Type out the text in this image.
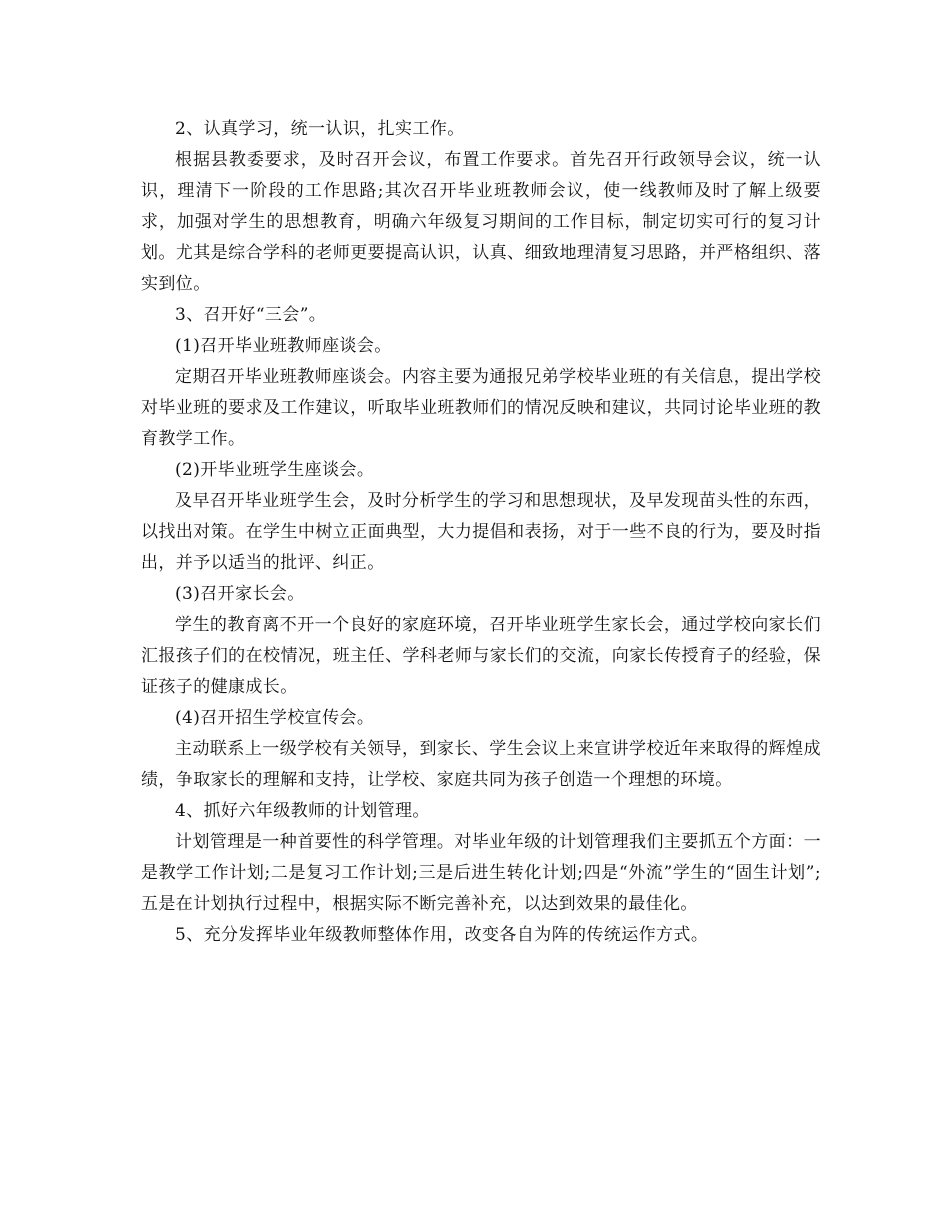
2、认真学习，统一认识，扎实工作。

根据县教委要求，及时召开会议，布置工作要求。首先召开行政领导会议，统一认识，理清下一阶段的工作思路;其次召开毕业班教师会议，使一线教师及时了解上级要求，加强对学生的思想教育，明确六年级复习期间的工作目标，制定切实可行的复习计划。尤其是综合学科的老师更要提高认识，认真、细致地理清复习思路，并严格组织、落实到位。

3、召开好“三会”。

(1)召开毕业班教师座谈会。

定期召开毕业班教师座谈会。内容主要为通报兄弟学校毕业班的有关信息，提出学校对毕业班的要求及工作建议，听取毕业班教师们的情况反映和建议，共同讨论毕业班的教育教学工作。

(2)开毕业班学生座谈会。

及早召开毕业班学生会，及时分析学生的学习和思想现状，及早发现苗头性的东西，以找出对策。在学生中树立正面典型，大力提倡和表扬，对于一些不良的行为，要及时指出，并予以适当的批评、纠正。

(3)召开家长会。

学生的教育离不开一个良好的家庭环境，召开毕业班学生家长会，通过学校向家长们汇报孩子们的在校情况，班主任、学科老师与家长们的交流，向家长传授育子的经验，保证孩子的健康成长。

(4)召开招生学校宣传会。

主动联系上一级学校有关领导，到家长、学生会议上来宣讲学校近年来取得的辉煌成绩，争取家长的理解和支持，让学校、家庭共同为孩子创造一个理想的环境。

4、抓好六年级教师的计划管理。

计划管理是一种首要性的科学管理。对毕业年级的计划管理我们主要抓五个方面：一是教学工作计划;二是复习工作计划;三是后进生转化计划;四是“外流”学生的“固生计划”;五是在计划执行过程中，根据实际不断完善补充，以达到效果的最佳化。

5、充分发挥毕业年级教师整体作用，改变各自为阵的传统运作方式。
